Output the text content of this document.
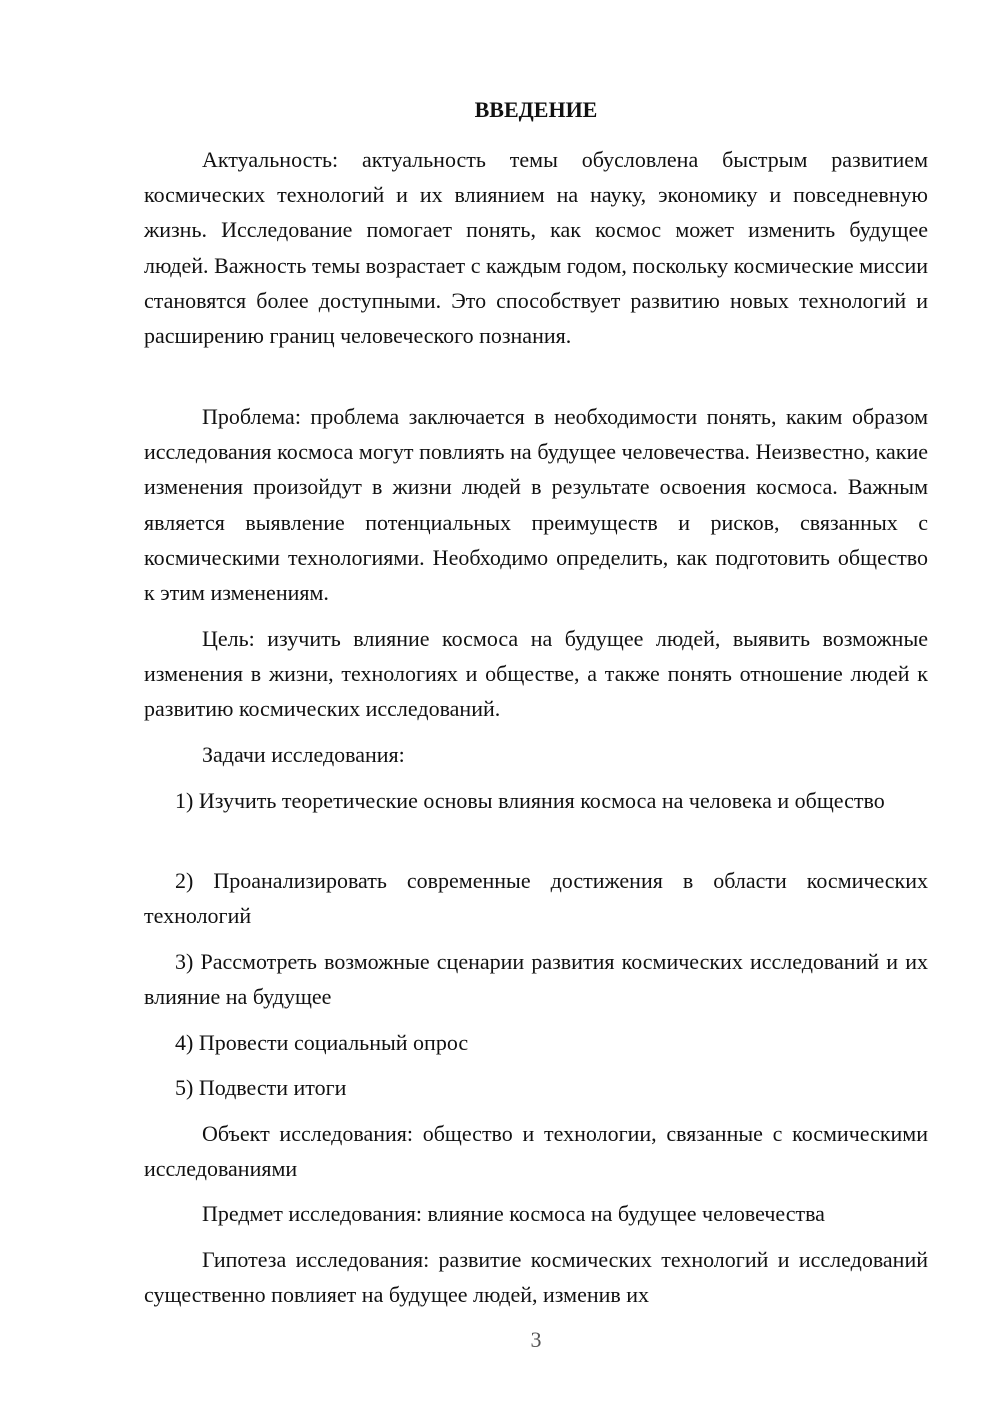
ВВЕДЕНИЕ

Актуальность: актуальность темы обусловлена быстрым развитием космических технологий и их влиянием на науку, экономику и повседневную жизнь. Исследование помогает понять, как космос может изменить будущее людей. Важность темы возрастает с каждым годом, поскольку космические миссии становятся более доступными. Это способствует развитию новых технологий и расширению границ человеческого познания.

Проблема: проблема заключается в необходимости понять, каким образом исследования космоса могут повлиять на будущее человечества. Неизвестно, какие изменения произойдут в жизни людей в результате освоения космоса. Важным является выявление потенциальных преимуществ и рисков, связанных с космическими технологиями. Необходимо определить, как подготовить общество к этим изменениям.

Цель: изучить влияние космоса на будущее людей, выявить возможные изменения в жизни, технологиях и обществе, а также понять отношение людей к развитию космических исследований.

Задачи исследования:

1) Изучить теоретические основы влияния космоса на человека и общество

2) Проанализировать современные достижения в области космических технологий

3) Рассмотреть возможные сценарии развития космических исследований и их влияние на будущее

4) Провести социальный опрос

5) Подвести итоги

Объект исследования: общество и технологии, связанные с космическими исследованиями

Предмет исследования: влияние космоса на будущее человечества

Гипотеза исследования: развитие космических технологий и исследований существенно повлияет на будущее людей, изменив их

3
